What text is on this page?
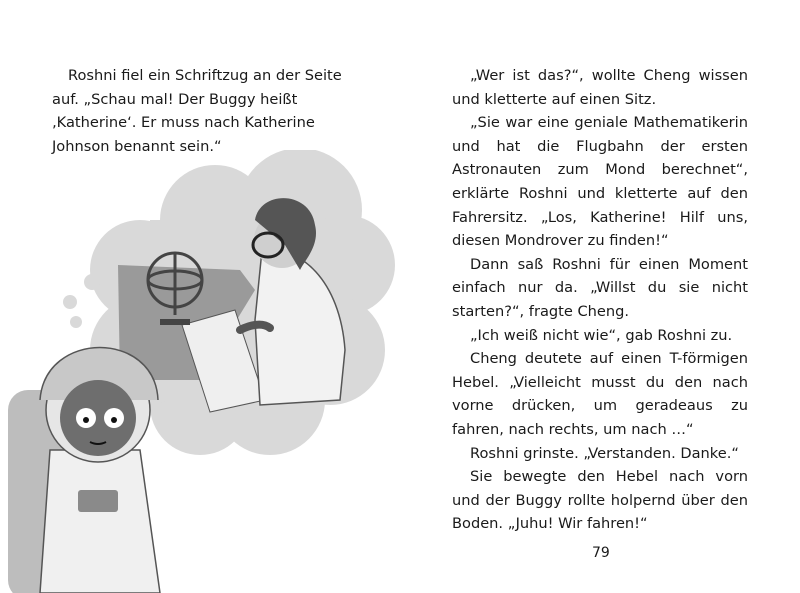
Roshni fiel ein Schriftzug an der Seite auf. „Schau mal! Der Buggy heißt ‚Katherine‘. Er muss nach Katherine Johnson benannt sein.“

„Wer ist das?“, wollte Cheng wissen und kletterte auf einen Sitz.

„Sie war eine geniale Mathematikerin und hat die Flugbahn der ersten Astronauten zum Mond berechnet“, erklärte Roshni und kletterte auf den Fahrersitz. „Los, Katherine! Hilf uns, diesen Mondrover zu finden!“

Dann saß Roshni für einen Moment einfach nur da. „Willst du sie nicht starten?“, fragte Cheng.

„Ich weiß nicht wie“, gab Roshni zu.

Cheng deutete auf einen T-förmigen Hebel. „Vielleicht musst du den nach vorne drücken, um geradeaus zu fahren, nach rechts, um nach …“

Roshni grinste. „Verstanden. Danke.“

Sie bewegte den Hebel nach vorn und der Buggy rollte holpernd über den Boden. „Juhu! Wir fahren!“

79
